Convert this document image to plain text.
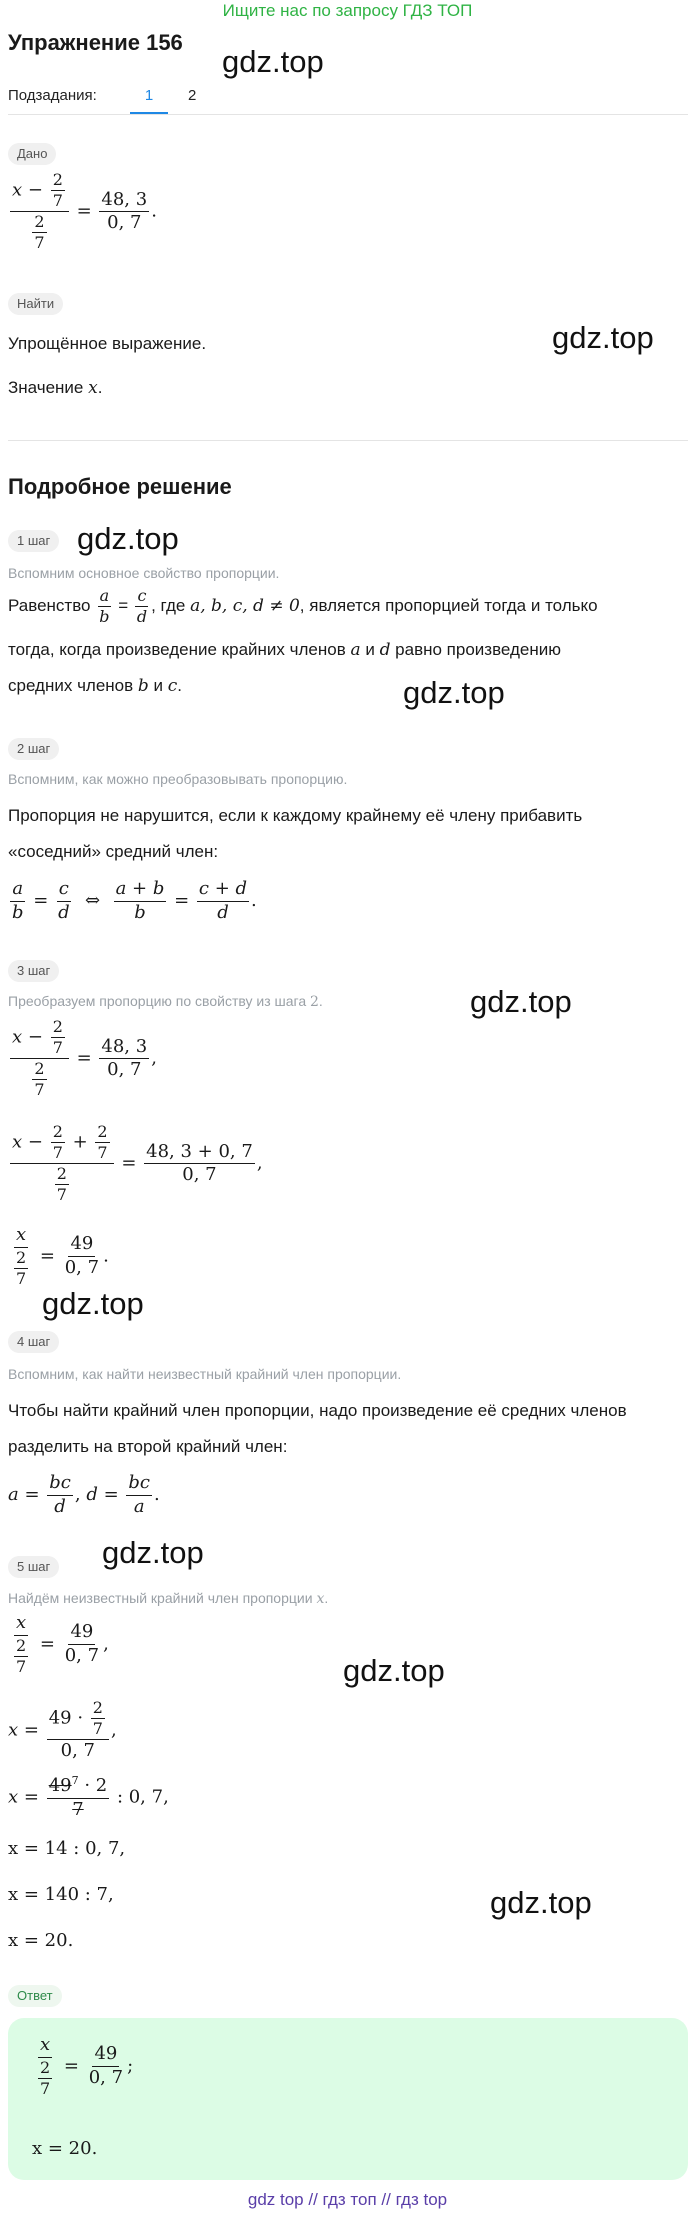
Ищите нас по запросу ГДЗ ТОП
Упражнение 156
gdz.top
gdz.top
gdz.top
gdz.top
gdz.top
gdz.top
gdz.top
gdz.top
gdz.top
Подзадания:	1	2
Дано
$\frac{x - \frac{2}{7}}{\frac{2}{7}} = \frac{48, 3}{0, 7}$ .
Найти
Упрощённое выражение.
Значение x.
Подробное решение
1 шаг
Вспомним основное свойство пропорции.
Равенство $\frac{a}{b} = \frac{c}{d}$ , где a, b, c, d ≠ 0, является пропорцией тогда и только
тогда, когда произведение крайних членов a и d равно произведению
средних членов b и c.
2 шаг
Вспомним, как можно преобразовывать пропорцию.
Пропорция не нарушится, если к каждому крайнему её члену прибавить
«соседний» средний член:
$\frac{a}{b} = \frac{c}{d}$ ⇔ $\frac{a + b}{b} = \frac{c + d}{d}$ .
3 шаг
Преобразуем пропорцию по свойству из шага 2.
$\frac{x - \frac{2}{7}}{\frac{2}{7}} = \frac{48, 3}{0, 7}$ ,
$\frac{x - \frac{2}{7} + \frac{2}{7}}{\frac{2}{7}} = \frac{48, 3 + 0, 7}{0, 7}$ ,
$\frac{x}{\frac{2}{7}} = \frac{49}{0, 7}$ .
4 шаг
Вспомним, как найти неизвестный крайний член пропорции.
Чтобы найти крайний член пропорции, надо произведение её средних членов
разделить на второй крайний член:
$a = \frac{bc}{d}$ , $d = \frac{bc}{a}$ .
5 шаг
Найдём неизвестный крайний член пропорции x.
$\frac{x}{\frac{2}{7}} = \frac{49}{0, 7}$ ,
$x = \frac{49 \cdot \frac{2}{7}}{0, 7}$ ,
$x = \frac{49^7 \cdot 2}{7}$ : 0, 7,
x = 14 : 0, 7,
x = 140 : 7,
x = 20.
Ответ
$\frac{x}{\frac{2}{7}} = \frac{49}{0, 7}$ ;
x = 20.
gdz top // гдз топ // гдз top
